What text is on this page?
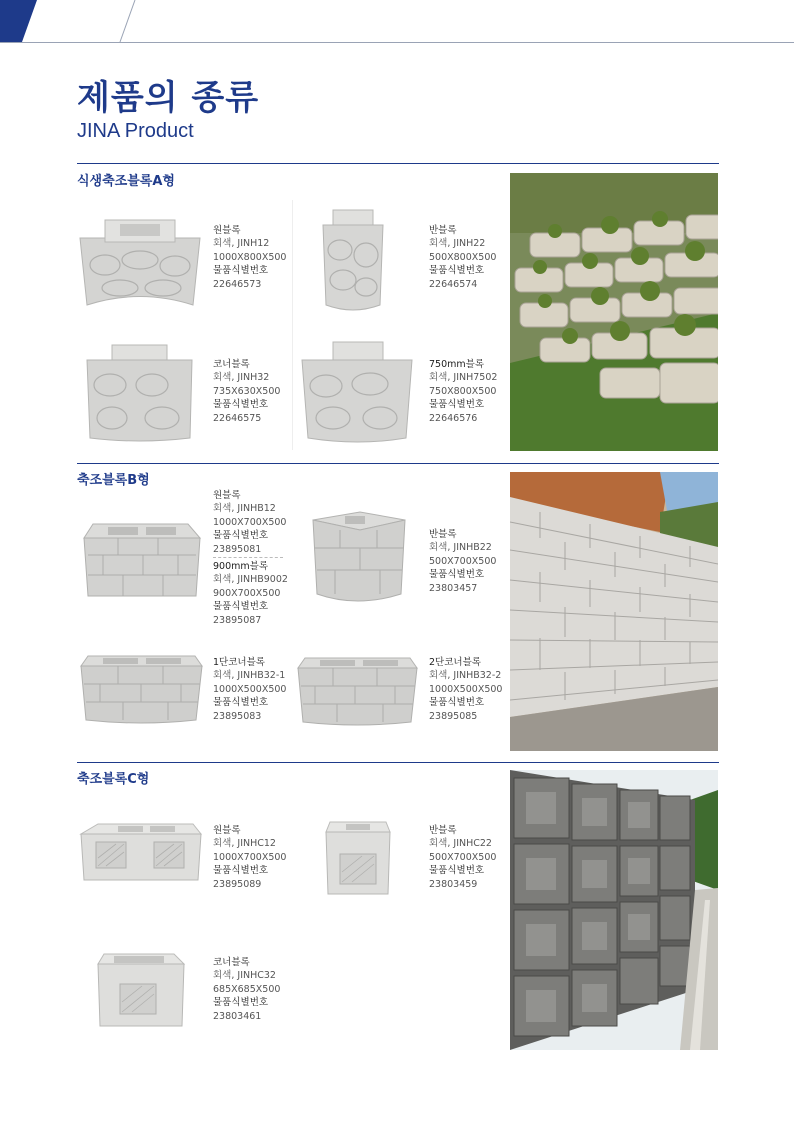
제품의 종류
JINA Product
식생축조블록A형
원블록
회색, JINH12
1000X800X500
물품식별번호
22646573
반블록
회색, JINH22
500X800X500
물품식별번호
22646574
코너블록
회색, JINH32
735X630X500
물품식별번호
22646575
750mm블록
회색, JINH7502
750X800X500
물품식별번호
22646576
축조블록B형
원블록
회색, JINHB12
1000X700X500
물품식별번호
23895081
900mm블록
회색, JINHB9002
900X700X500
물품식별번호
23895087
반블록
회색, JINHB22
500X700X500
물품식별번호
23803457
1단코너블록
회색, JINHB32-1
1000X500X500
물품식별번호
23895083
2단코너블록
회색, JINHB32-2
1000X500X500
물품식별번호
23895085
축조블록C형
원블록
회색, JINHC12
1000X700X500
물품식별번호
23895089
반블록
회색, JINHC22
500X700X500
물품식별번호
23803459
코너블록
회색, JINHC32
685X685X500
물품식별번호
23803461
